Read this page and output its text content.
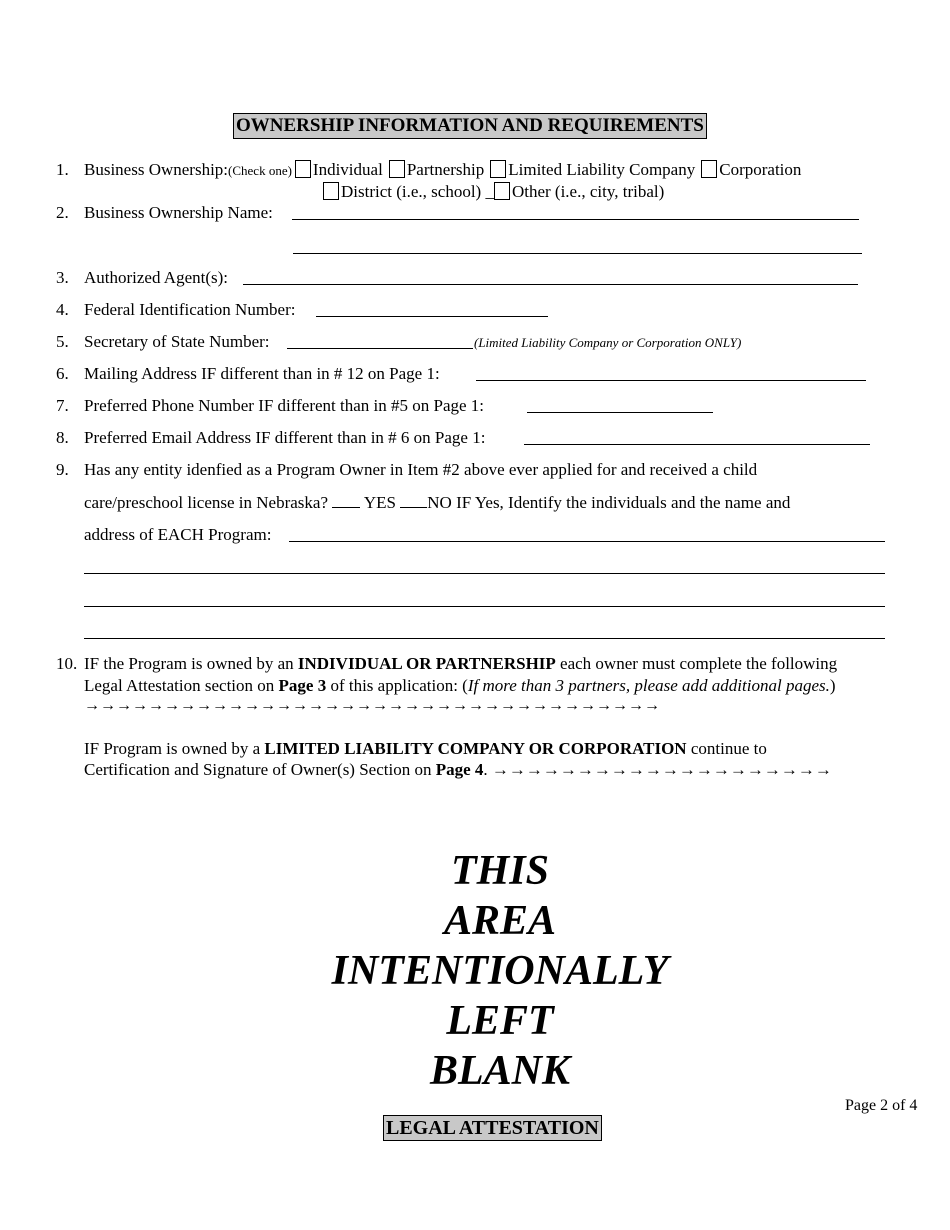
OWNERSHIP INFORMATION AND REQUIREMENTS
1. Business Ownership:(Check one) Individual Partnership Limited Liability Company Corporation
District (i.e., school) _ Other (i.e., city, tribal)
2. Business Ownership Name:
3. Authorized Agent(s):
4. Federal Identification Number:
5. Secretary of State Number:	(Limited Liability Company or Corporation ONLY)
6. Mailing Address IF different than in # 12 on Page 1:
7. Preferred Phone Number IF different than in #5 on Page 1:
8. Preferred Email Address IF different than in # 6 on Page 1:
9. Has any entity idenfied as a Program Owner in Item #2 above ever applied for and received a child
care/preschool license in Nebraska?  YES NO IF Yes, Identify the individuals and the name and
address of EACH Program:
10. IF the Program is owned by an INDIVIDUAL OR PARTNERSHIP each owner must complete the following
Legal Attestation section on Page 3 of this application: (If more than 3 partners, please add additional pages.)
→→→→→→→→→→→→→→→→→→→→→→→→→→→→→→→→→→→→
IF Program is owned by a LIMITED LIABILITY COMPANY OR CORPORATION continue to
Certification and Signature of Owner(s) Section on Page 4. →→→→→→→→→→→→→→→→→→→→
THIS
AREA
INTENTIONALLY
LEFT
BLANK
Page 2 of 4
LEGAL ATTESTATION
